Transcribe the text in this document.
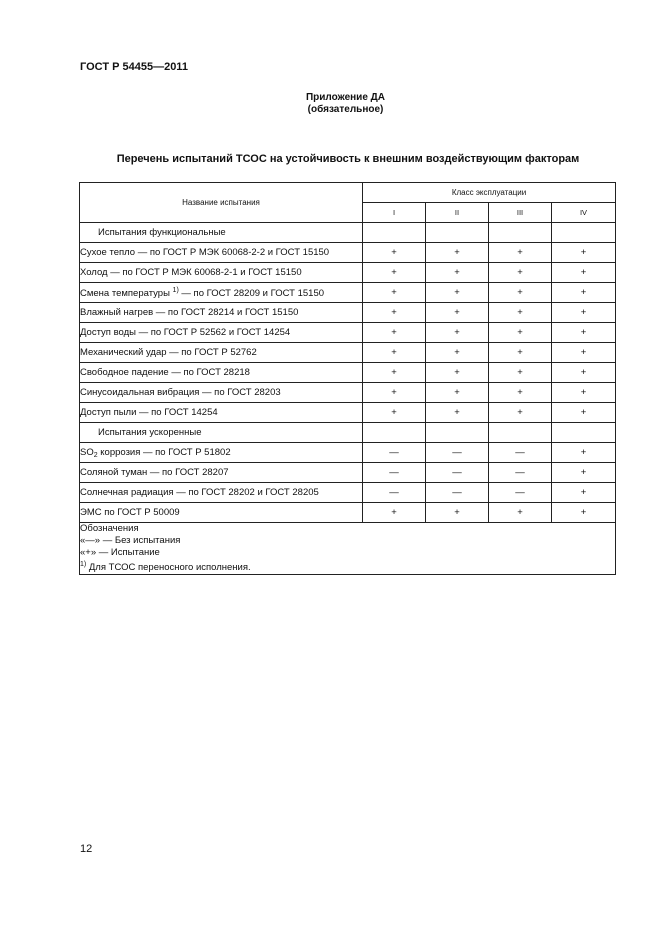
ГОСТ Р 54455—2011
Приложение ДА
(обязательное)
Перечень испытаний ТСОС на устойчивость к внешним воздействующим факторам
Название испытания	Класс эксплуатации			
	I	II	III	IV
Испытания функциональные				
Сухое тепло — по ГОСТ Р МЭК 60068-2-2 и ГОСТ 15150	+	+	+	+
Холод — по ГОСТ Р МЭК 60068-2-1 и ГОСТ 15150	+	+	+	+
Смена температуры $^{1)}$ — по ГОСТ 28209 и ГОСТ 15150	+	+	+	+
Влажный нагрев — по ГОСТ 28214 и ГОСТ 15150	+	+	+	+
Доступ воды — по ГОСТ Р 52562 и ГОСТ 14254	+	+	+	+
Механический удар — по ГОСТ Р 52762	+	+	+	+
Свободное падение — по ГОСТ 28218	+	+	+	+
Синусоидальная вибрация — по ГОСТ 28203	+	+	+	+
Доступ пыли — по ГОСТ 14254	+	+	+	+
Испытания ускоренные				
$SO_2$ коррозия — по ГОСТ Р 51802	—	—	—	+
Соляной туман — по ГОСТ 28207	—	—	—	+
Солнечная радиация — по ГОСТ 28202 и ГОСТ 28205	—	—	—	+
ЭМС по ГОСТ Р 50009	+	+	+	+

Обозначения
«—» — Без испытания
«+» — Испытание
$^{1)}$ Для ТСОС переносного исполнения.				
12
